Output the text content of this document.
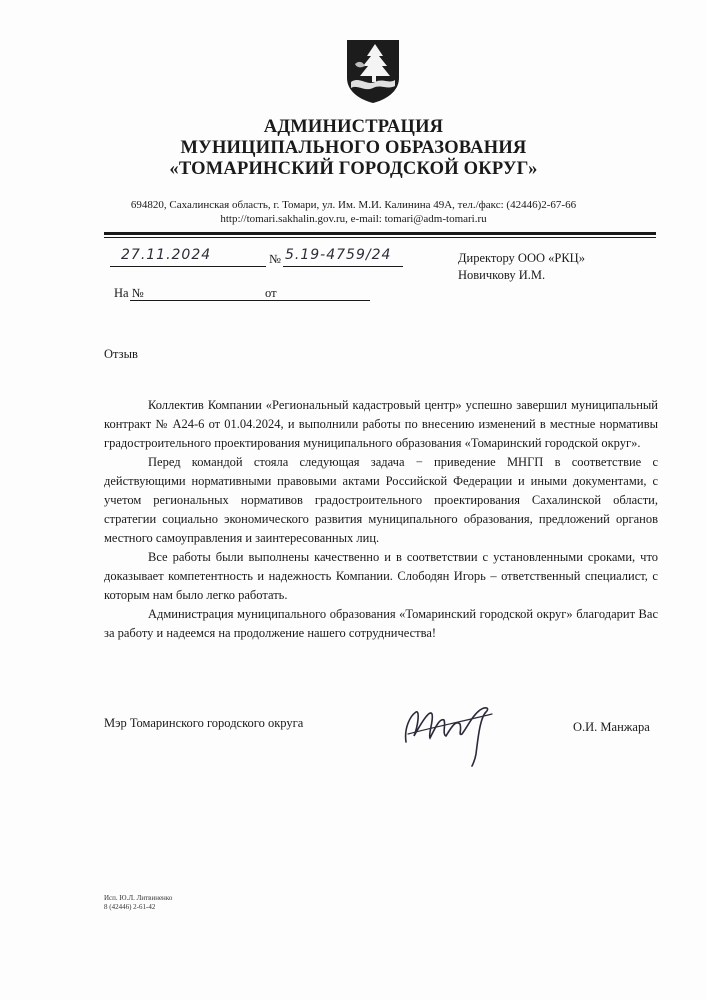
АДМИНИСТРАЦИЯ
МУНИЦИПАЛЬНОГО ОБРАЗОВАНИЯ
«ТОМАРИНСКИЙ ГОРОДСКОЙ ОКРУГ»
694820, Сахалинская область, г. Томари, ул. Им. М.И. Калинина 49А, тел./факс: (42446)2-67-66
http://tomari.sakhalin.gov.ru, e-mail: tomari@adm-tomari.ru
27.11.2024	№ 5.19-4759/24
На №	от
Директору ООО «РКЦ»
Новичкову И.М.
Отзыв

Коллектив Компании «Региональный кадастровый центр» успешно завершил муниципальный контракт № А24-6 от 01.04.2024, и выполнили работы по внесению изменений в местные нормативы градостроительного проектирования муниципального образования «Томаринский городской округ».

Перед командой стояла следующая задача − приведение МНГП в соответствие с действующими нормативными правовыми актами Российской Федерации и иными документами, с учетом региональных нормативов градостроительного проектирования Сахалинской области, стратегии социально экономического развития муниципального образования, предложений органов местного самоуправления и заинтересованных лиц.

Все работы были выполнены качественно и в соответствии с установленными сроками, что доказывает компетентность и надежность Компании. Слободян Игорь – ответственный специалист, с которым нам было легко работать.

Администрация муниципального образования «Томаринский городской округ» благодарит Вас за работу и надеемся на продолжение нашего сотрудничества!

Мэр Томаринского городского округа	О.И. Манжара
Исп. Ю.Л. Литвиненко
8 (42446) 2-61-42
